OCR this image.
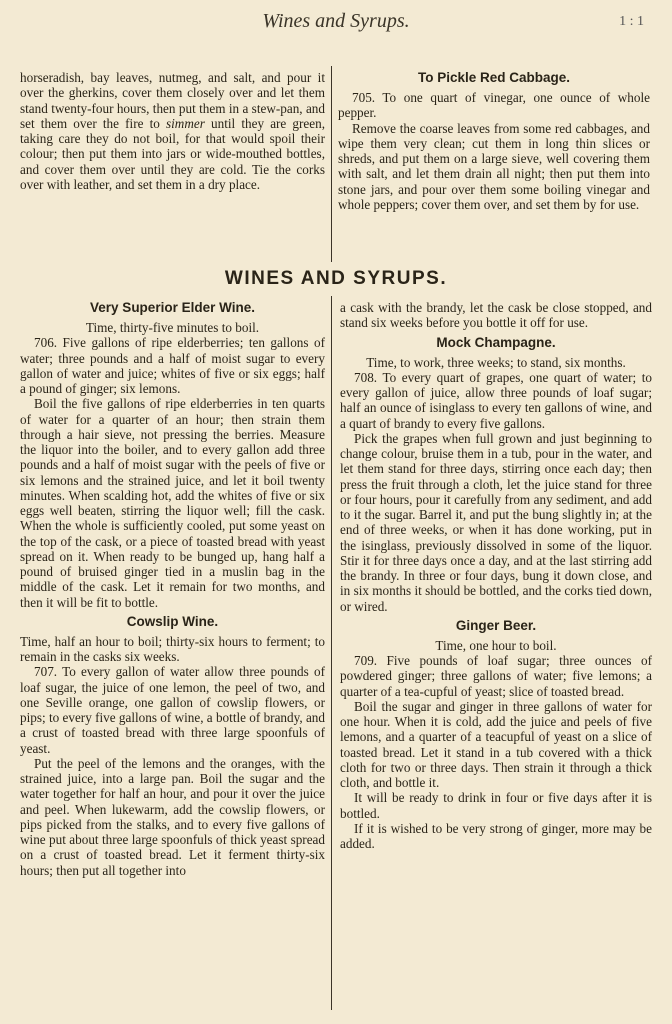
Wines and Syrups.	1 : 1

horseradish, bay leaves, nutmeg, and salt, and pour it over the gherkins, cover them closely over and let them stand twenty-four hours, then put them in a stew-pan, and set them over the fire to simmer until they are green, taking care they do not boil, for that would spoil their colour; then put them into jars or wide-mouthed bottles, and cover them over until they are cold. Tie the corks over with leather, and set them in a dry place.

To Pickle Red Cabbage.

705. To one quart of vinegar, one ounce of whole pepper.

Remove the coarse leaves from some red cabbages, and wipe them very clean; cut them in long thin slices or shreds, and put them on a large sieve, well covering them with salt, and let them drain all night; then put them into stone jars, and pour over them some boiling vinegar and whole peppers; cover them over, and set them by for use.

WINES AND SYRUPS.
Very Superior Elder Wine.

Time, thirty-five minutes to boil.

706. Five gallons of ripe elderberries; ten gallons of water; three pounds and a half of moist sugar to every gallon of water and juice; whites of five or six eggs; half a pound of ginger; six lemons.

Boil the five gallons of ripe elderberries in ten quarts of water for a quarter of an hour; then strain them through a hair sieve, not pressing the berries. Measure the liquor into the boiler, and to every gallon add three pounds and a half of moist sugar with the peels of five or six lemons and the strained juice, and let it boil twenty minutes. When scalding hot, add the whites of five or six eggs well beaten, stirring the liquor well; fill the cask. When the whole is sufficiently cooled, put some yeast on the top of the cask, or a piece of toasted bread with yeast spread on it. When ready to be bunged up, hang half a pound of bruised ginger tied in a muslin bag in the middle of the cask. Let it remain for two months, and then it will be fit to bottle.

Cowslip Wine.

Time, half an hour to boil; thirty-six hours to ferment; to remain in the casks six weeks.

707. To every gallon of water allow three pounds of loaf sugar, the juice of one lemon, the peel of two, and one Seville orange, one gallon of cowslip flowers, or pips; to every five gallons of wine, a bottle of brandy, and a crust of toasted bread with three large spoonfuls of yeast.

Put the peel of the lemons and the oranges, with the strained juice, into a large pan. Boil the sugar and the water together for half an hour, and pour it over the juice and peel. When lukewarm, add the cowslip flowers, or pips picked from the stalks, and to every five gallons of wine put about three large spoonfuls of thick yeast spread on a crust of toasted bread. Let it ferment thirty-six hours; then put all together into

a cask with the brandy, let the cask be close stopped, and stand six weeks before you bottle it off for use.

Mock Champagne.

Time, to work, three weeks; to stand, six months.

708. To every quart of grapes, one quart of water; to every gallon of juice, allow three pounds of loaf sugar; half an ounce of isinglass to every ten gallons of wine, and a quart of brandy to every five gallons.

Pick the grapes when full grown and just beginning to change colour, bruise them in a tub, pour in the water, and let them stand for three days, stirring once each day; then press the fruit through a cloth, let the juice stand for three or four hours, pour it carefully from any sediment, and add to it the sugar. Barrel it, and put the bung slightly in; at the end of three weeks, or when it has done working, put in the isinglass, previously dissolved in some of the liquor. Stir it for three days once a day, and at the last stirring add the brandy. In three or four days, bung it down close, and in six months it should be bottled, and the corks tied down, or wired.

Ginger Beer.

Time, one hour to boil.

709. Five pounds of loaf sugar; three ounces of powdered ginger; three gallons of water; five lemons; a quarter of a tea-cupful of yeast; slice of toasted bread.

Boil the sugar and ginger in three gallons of water for one hour. When it is cold, add the juice and peels of five lemons, and a quarter of a teacupful of yeast on a slice of toasted bread. Let it stand in a tub covered with a thick cloth for two or three days. Then strain it through a thick cloth, and bottle it.

It will be ready to drink in four or five days after it is bottled.

If it is wished to be very strong of ginger, more may be added.
